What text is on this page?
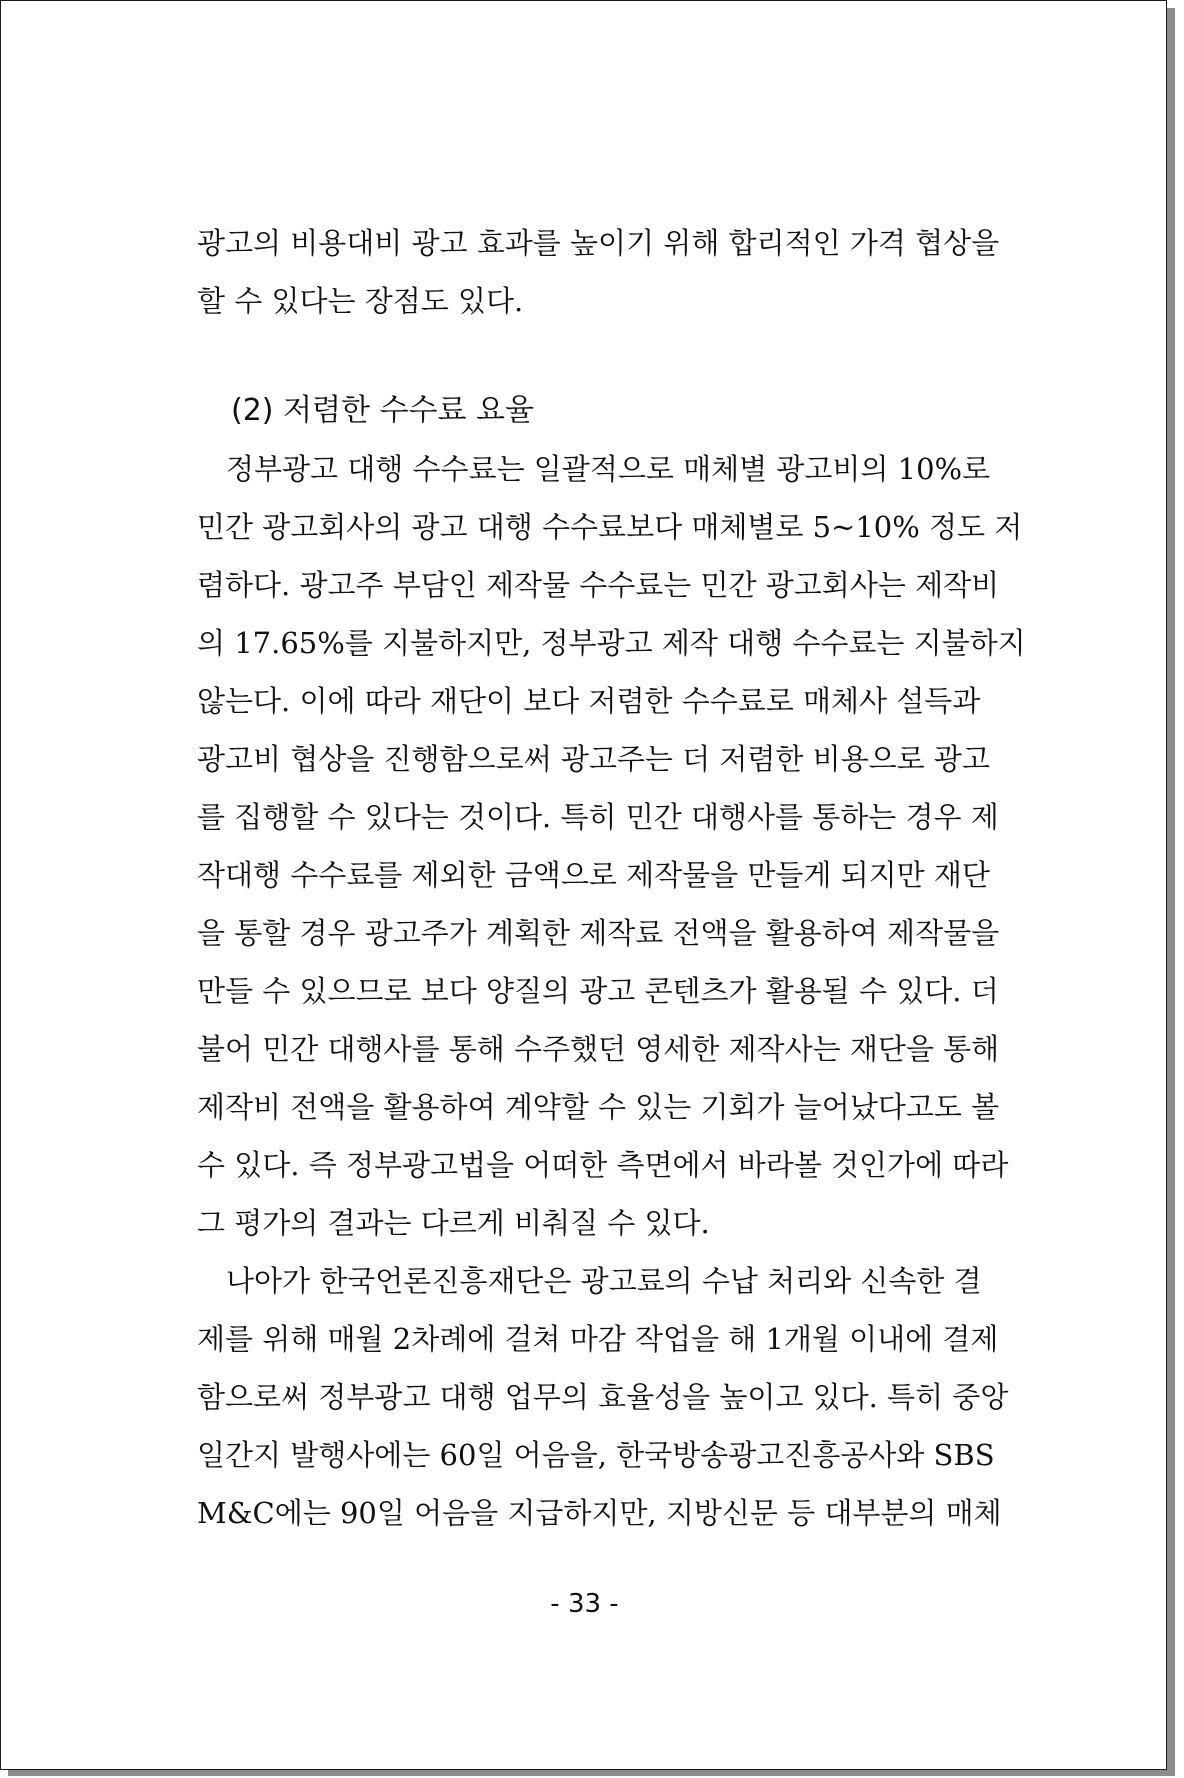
광고의 비용대비 광고 효과를 높이기 위해 합리적인 가격 협상을
할 수 있다는 장점도 있다.
(2) 저렴한 수수료 요율
　정부광고 대행 수수료는 일괄적으로 매체별 광고비의 10%로
민간 광고회사의 광고 대행 수수료보다 매체별로 5~10% 정도 저
렴하다. 광고주 부담인 제작물 수수료는 민간 광고회사는 제작비
의 17.65%를 지불하지만, 정부광고 제작 대행 수수료는 지불하지
않는다. 이에 따라 재단이 보다 저렴한 수수료로 매체사 설득과
광고비 협상을 진행함으로써 광고주는 더 저렴한 비용으로 광고
를 집행할 수 있다는 것이다. 특히 민간 대행사를 통하는 경우 제
작대행 수수료를 제외한 금액으로 제작물을 만들게 되지만 재단
을 통할 경우 광고주가 계획한 제작료 전액을 활용하여 제작물을
만들 수 있으므로 보다 양질의 광고 콘텐츠가 활용될 수 있다. 더
불어 민간 대행사를 통해 수주했던 영세한 제작사는 재단을 통해
제작비 전액을 활용하여 계약할 수 있는 기회가 늘어났다고도 볼
수 있다. 즉 정부광고법을 어떠한 측면에서 바라볼 것인가에 따라
그 평가의 결과는 다르게 비춰질 수 있다.
　나아가 한국언론진흥재단은 광고료의 수납 처리와 신속한 결
제를 위해 매월 2차례에 걸쳐 마감 작업을 해 1개월 이내에 결제
함으로써 정부광고 대행 업무의 효율성을 높이고 있다. 특히 중앙
일간지 발행사에는 60일 어음을, 한국방송광고진흥공사와 SBS
M&C에는 90일 어음을 지급하지만, 지방신문 등 대부분의 매체
- 33 -
